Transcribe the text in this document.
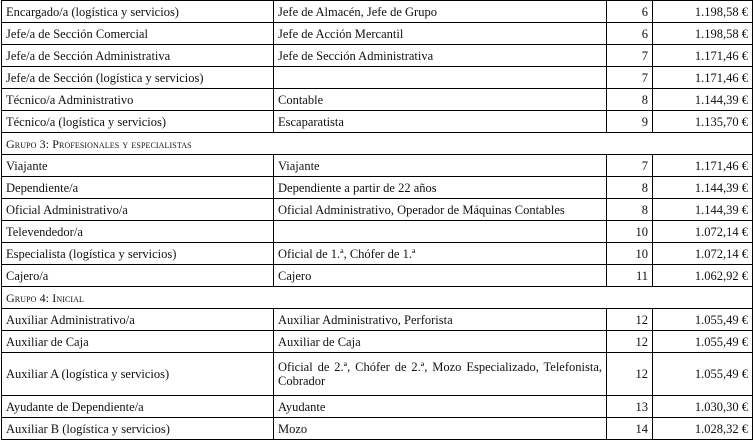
Encargado/a (logística y servicios)	Jefe de Almacén, Jefe de Grupo	6	1.198,58 €
Jefe/a de Sección Comercial	Jefe de Acción Mercantil	6	1.198,58 €
Jefe/a de Sección Administrativa	Jefe de Sección Administrativa	7	1.171,46 €
Jefe/a de Sección (logística y servicios)		7	1.171,46 €
Técnico/a Administrativo	Contable	8	1.144,39 €
Técnico/a (logística y servicios)	Escaparatista	9	1.135,70 €
Grupo 3: Profesionales y especialistas			
Viajante	Viajante	7	1.171,46 €
Dependiente/a	Dependiente a partir de 22 años	8	1.144,39 €
Oficial Administrativo/a	Oficial Administrativo, Operador de Máquinas Contables	8	1.144,39 €
Televendedor/a		10	1.072,14 €
Especialista (logística y servicios)	Oficial de 1.ª, Chófer de 1.ª	10	1.072,14 €
Cajero/a	Cajero	11	1.062,92 €
Grupo 4: Inicial			
Auxiliar Administrativo/a	Auxiliar Administrativo, Perforista	12	1.055,49 €
Auxiliar de Caja	Auxiliar de Caja	12	1.055,49 €
Auxiliar A (logística y servicios)	Oficial de 2.ª, Chófer de 2.ª, Mozo Especializado, Telefonista, Cobrador	12	1.055,49 €
Ayudante de Dependiente/a	Ayudante	13	1.030,30 €
Auxiliar B (logística y servicios)	Mozo	14	1.028,32 €
